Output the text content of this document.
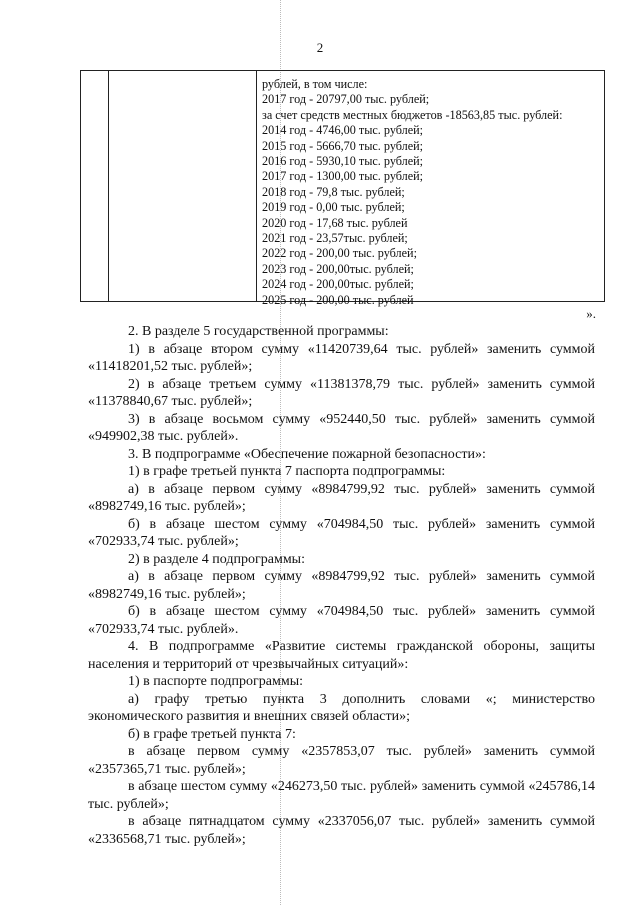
2
рублей, в том числе:
2017 год - 20797,00 тыс. рублей;
за счет средств местных бюджетов -18563,85 тыс. рублей:
2014 год - 4746,00 тыс. рублей;
2015 год - 5666,70 тыс. рублей;
2016 год - 5930,10 тыс. рублей;
2017 год - 1300,00 тыс. рублей;
2018 год - 79,8 тыс. рублей;
2019 год - 0,00 тыс. рублей;
2020 год - 17,68 тыс. рублей
2021 год - 23,57тыс. рублей;
2022 год - 200,00 тыс. рублей;
2023 год - 200,00тыс. рублей;
2024 год - 200,00тыс. рублей;
2025 год - 200,00 тыс. рублей
».

2. В разделе 5 государственной программы:

1) в абзаце втором сумму «11420739,64 тыс. рублей» заменить суммой «11418201,52 тыс. рублей»;

2) в абзаце третьем сумму «11381378,79 тыс. рублей» заменить суммой «11378840,67 тыс. рублей»;

3) в абзаце восьмом сумму «952440,50 тыс. рублей» заменить суммой «949902,38 тыс. рублей».

3. В подпрограмме «Обеспечение пожарной безопасности»:

1) в графе третьей пункта 7 паспорта подпрограммы:

а) в абзаце первом сумму «8984799,92 тыс. рублей» заменить суммой «8982749,16 тыс. рублей»;

б) в абзаце шестом сумму «704984,50 тыс. рублей» заменить суммой «702933,74 тыс. рублей»;

2) в разделе 4 подпрограммы:

а) в абзаце первом сумму «8984799,92 тыс. рублей» заменить суммой «8982749,16 тыс. рублей»;

б) в абзаце шестом сумму «704984,50 тыс. рублей» заменить суммой «702933,74 тыс. рублей».

4. В подпрограмме «Развитие системы гражданской обороны, защиты населения и территорий от чрезвычайных ситуаций»:

1) в паспорте подпрограммы:

а) графу третью пункта 3 дополнить словами «; министерство экономического развития и внешних связей области»;

б) в графе третьей пункта 7:

в абзаце первом сумму «2357853,07 тыс. рублей» заменить суммой «2357365,71 тыс. рублей»;

в абзаце шестом сумму «246273,50 тыс. рублей» заменить суммой «245786,14 тыс. рублей»;

в абзаце пятнадцатом сумму «2337056,07 тыс. рублей» заменить суммой «2336568,71 тыс. рублей»;
